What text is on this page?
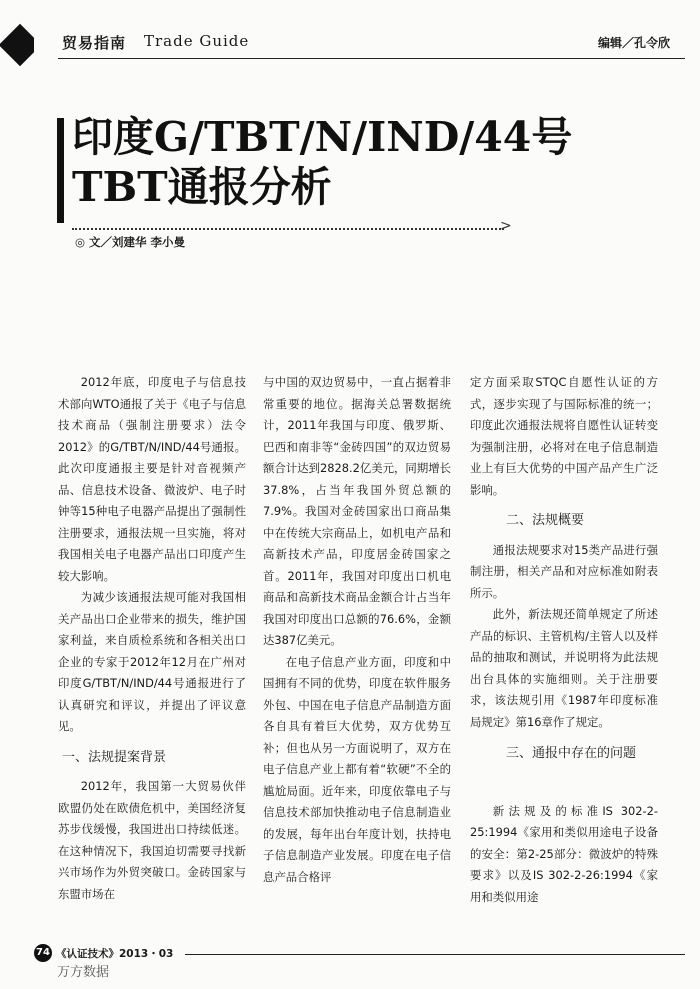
贸易指南 Trade Guide	编辑／孔令欣
印度G/TBT/N/IND/44号
TBT通报分析
>
◎ 文／刘建华 李小曼

2012年底，印度电子与信息技术部向WTO通报了关于《电子与信息技术商品（强制注册要求）法令2012》的G/TBT/N/IND/44号通报。此次印度通报主要是针对音视频产品、信息技术设备、微波炉、电子时钟等15种电子电器产品提出了强制性注册要求，通报法规一旦实施，将对我国相关电子电器产品出口印度产生较大影响。

为减少该通报法规可能对我国相关产品出口企业带来的损失，维护国家利益，来自质检系统和各相关出口企业的专家于2012年12月在广州对印度G/TBT/N/IND/44号通报进行了认真研究和评议，并提出了评议意见。

一、法规提案背景

2012年，我国第一大贸易伙伴欧盟仍处在欧债危机中，美国经济复苏步伐缓慢，我国进出口持续低迷。在这种情况下，我国迫切需要寻找新兴市场作为外贸突破口。金砖国家与东盟市场在

与中国的双边贸易中，一直占据着非常重要的地位。据海关总署数据统计，2011年我国与印度、俄罗斯、巴西和南非等“金砖四国”的双边贸易额合计达到2828.2亿美元，同期增长37.8%，占当年我国外贸总额的7.9%。我国对金砖国家出口商品集中在传统大宗商品上，如机电产品和高新技术产品，印度居金砖国家之首。2011年，我国对印度出口机电商品和高新技术商品金额合计占当年我国对印度出口总额的76.6%，金额达387亿美元。

在电子信息产业方面，印度和中国拥有不同的优势，印度在软件服务外包、中国在电子信息产品制造方面各自具有着巨大优势，双方优势互补；但也从另一方面说明了，双方在电子信息产业上都有着“软硬”不全的尴尬局面。近年来，印度依靠电子与信息技术部加快推动电子信息制造业的发展，每年出台年度计划，扶持电子信息制造产业发展。印度在电子信息产品合格评

定方面采取STQC自愿性认证的方式，逐步实现了与国际标准的统一；印度此次通报法规将自愿性认证转变为强制注册，必将对在电子信息制造业上有巨大优势的中国产品产生广泛影响。

二、法规概要

通报法规要求对15类产品进行强制注册，相关产品和对应标准如附表所示。

此外，新法规还简单规定了所述产品的标识、主管机构/主管人以及样品的抽取和测试，并说明将为此法规出台具体的实施细则。关于注册要求，该法规引用《1987年印度标准局规定》第16章作了规定。

三、通报中存在的问题

新法规及的标准IS 302-2-25:1994《家用和类似用途电子设备的安全：第2-25部分：微波炉的特殊要求》以及IS 302-2-26:1994《家用和类似用途

74 《认证技术》2013・03
万方数据
